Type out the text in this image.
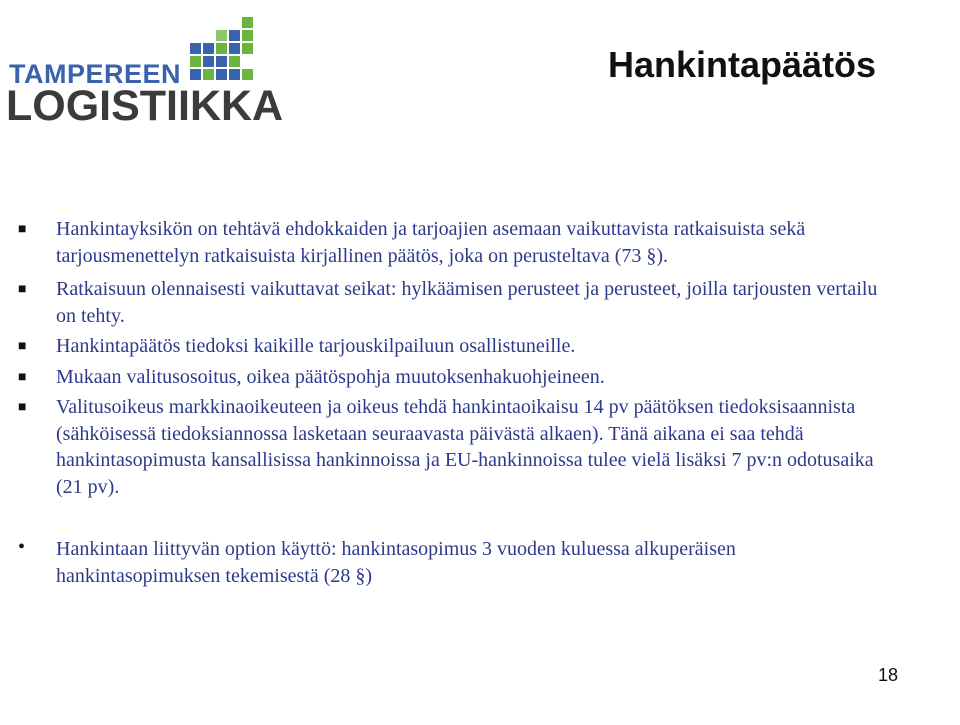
TAMPEREEN
LOGISTIIKKA
Hankintapäätös
■ Hankintayksikön on tehtävä ehdokkaiden ja tarjoajien asemaan vaikuttavista ratkaisuista sekä tarjousmenettelyn ratkaisuista kirjallinen päätös, joka on perusteltava (73 §).
■ Ratkaisuun olennaisesti vaikuttavat seikat: hylkäämisen perusteet ja perusteet, joilla tarjousten vertailu on tehty.
■ Hankintapäätös tiedoksi kaikille tarjouskilpailuun osallistuneille.
■ Mukaan valitusosoitus, oikea päätöspohja muutoksenhakuohjeineen.
■ Valitusoikeus markkinaoikeuteen ja oikeus tehdä hankintaoikaisu 14 pv päätöksen tiedoksisaannista (sähköisessä tiedoksiannossa lasketaan seuraavasta päivästä alkaen). Tänä aikana ei saa tehdä hankintasopimusta kansallisissa hankinnoissa ja EU-hankinnoissa tulee vielä lisäksi 7 pv:n odotusaika (21 pv).
• Hankintaan liittyvän option käyttö: hankintasopimus 3 vuoden kuluessa alkuperäisen hankintasopimuksen tekemisestä (28 §)
18
